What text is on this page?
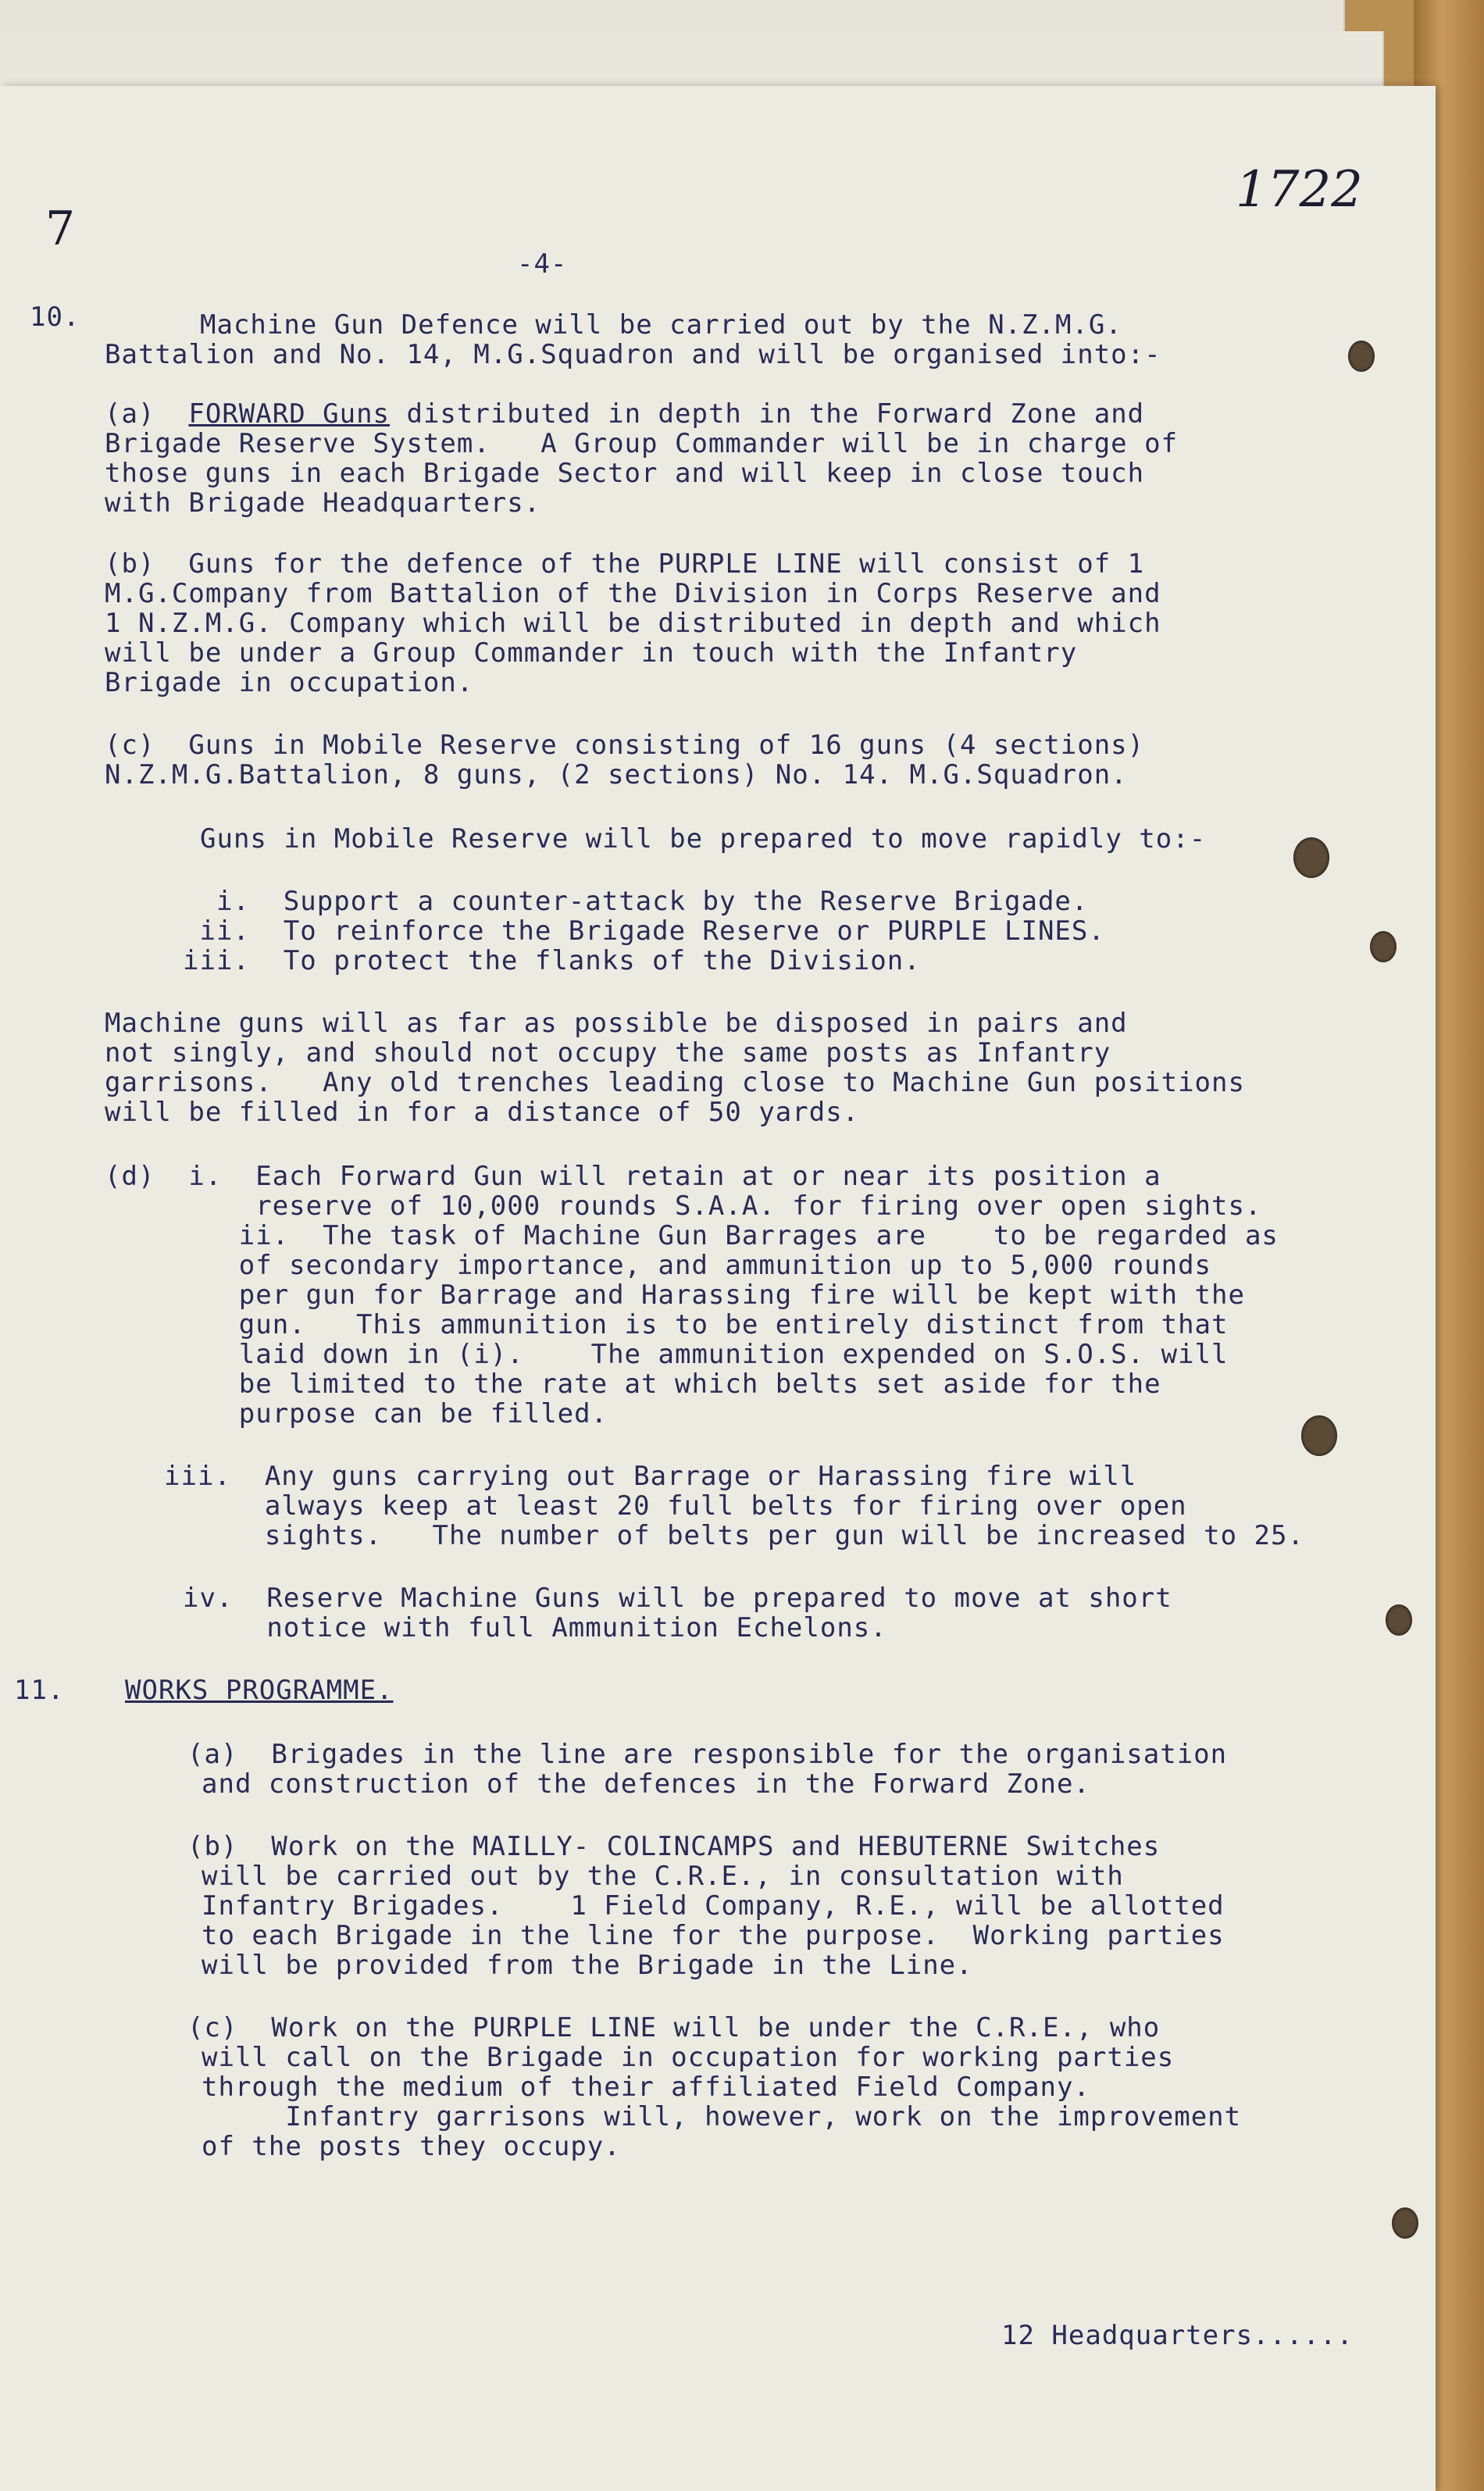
7
1722
-4-
10.	Machine Gun Defence will be carried out by the N.Z.M.G.
Battalion and No. 14, M.G.Squadron and will be organised into:-
(a) FORWARD Guns distributed in depth in the Forward Zone and
Brigade Reserve System.   A Group Commander will be in charge of
those guns in each Brigade Sector and will keep in close touch
with Brigade Headquarters.
(b)  Guns for the defence of the PURPLE LINE will consist of 1
M.G.Company from Battalion of the Division in Corps Reserve and
1 N.Z.M.G. Company which will be distributed in depth and which
will be under a Group Commander in touch with the Infantry
Brigade in occupation.
(c)  Guns in Mobile Reserve consisting of 16 guns (4 sections)
N.Z.M.G.Battalion, 8 guns, (2 sections) No. 14. M.G.Squadron.
Guns in Mobile Reserve will be prepared to move rapidly to:-
i.  Support a counter-attack by the Reserve Brigade.
ii.  To reinforce the Brigade Reserve or PURPLE LINES.
iii.  To protect the flanks of the Division.
Machine guns will as far as possible be disposed in pairs and
not singly, and should not occupy the same posts as Infantry
garrisons.   Any old trenches leading close to Machine Gun positions
will be filled in for a distance of 50 yards.
(d)  i.  Each Forward Gun will retain at or near its position a
reserve of 10,000 rounds S.A.A. for firing over open sights.
ii.  The task of Machine Gun Barrages are    to be regarded as
of secondary importance, and ammunition up to 5,000 rounds
per gun for Barrage and Harassing fire will be kept with the
gun.   This ammunition is to be entirely distinct from that
laid down in (i).    The ammunition expended on S.O.S. will
be limited to the rate at which belts set aside for the
purpose can be filled.
iii.  Any guns carrying out Barrage or Harassing fire will
always keep at least 20 full belts for firing over open
sights.   The number of belts per gun will be increased to 25.
iv.  Reserve Machine Guns will be prepared to move at short
notice with full Ammunition Echelons.
11. WORKS PROGRAMME.
(a)  Brigades in the line are responsible for the organisation
and construction of the defences in the Forward Zone.
(b)  Work on the MAILLY- COLINCAMPS and HEBUTERNE Switches
will be carried out by the C.R.E., in consultation with
Infantry Brigades.    1 Field Company, R.E., will be allotted
to each Brigade in the line for the purpose.  Working parties
will be provided from the Brigade in the Line.
(c)  Work on the PURPLE LINE will be under the C.R.E., who
will call on the Brigade in occupation for working parties
through the medium of their affiliated Field Company.
Infantry garrisons will, however, work on the improvement
of the posts they occupy.
12 Headquarters......
